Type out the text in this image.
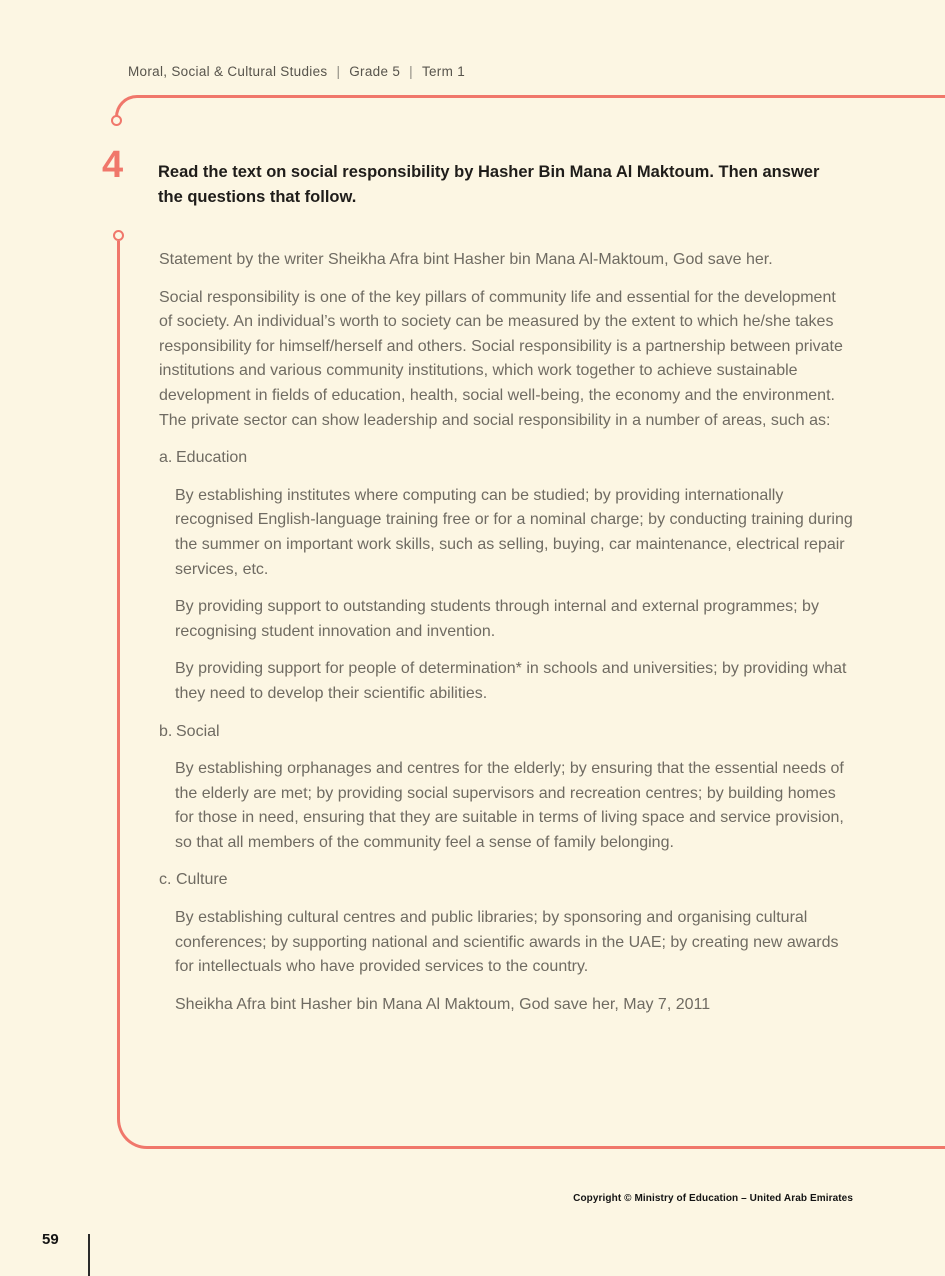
Moral, Social & Cultural Studies | Grade 5 | Term 1
4 Read the text on social responsibility by Hasher Bin Mana Al Maktoum. Then answer the questions that follow.

Statement by the writer Sheikha Afra bint Hasher bin Mana Al-Maktoum, God save her.

Social responsibility is one of the key pillars of community life and essential for the development of society. An individual’s worth to society can be measured by the extent to which he/she takes responsibility for himself/herself and others. Social responsibility is a partnership between private institutions and various community institutions, which work together to achieve sustainable development in fields of education, health, social well-being, the economy and the environment. The private sector can show leadership and social responsibility in a number of areas, such as:

a. Education

By establishing institutes where computing can be studied; by providing internationally recognised English-language training free or for a nominal charge; by conducting training during the summer on important work skills, such as selling, buying, car maintenance, electrical repair services, etc.

By providing support to outstanding students through internal and external programmes; by recognising student innovation and invention.

By providing support for people of determination* in schools and universities; by providing what they need to develop their scientific abilities.

b. Social

By establishing orphanages and centres for the elderly; by ensuring that the essential needs of the elderly are met; by providing social supervisors and recreation centres; by building homes for those in need, ensuring that they are suitable in terms of living space and service provision, so that all members of the community feel a sense of family belonging.

c. Culture

By establishing cultural centres and public libraries; by sponsoring and organising cultural conferences; by supporting national and scientific awards in the UAE; by creating new awards for intellectuals who have provided services to the country.

Sheikha Afra bint Hasher bin Mana Al Maktoum, God save her, May 7, 2011

Copyright © Ministry of Education – United Arab Emirates
59
